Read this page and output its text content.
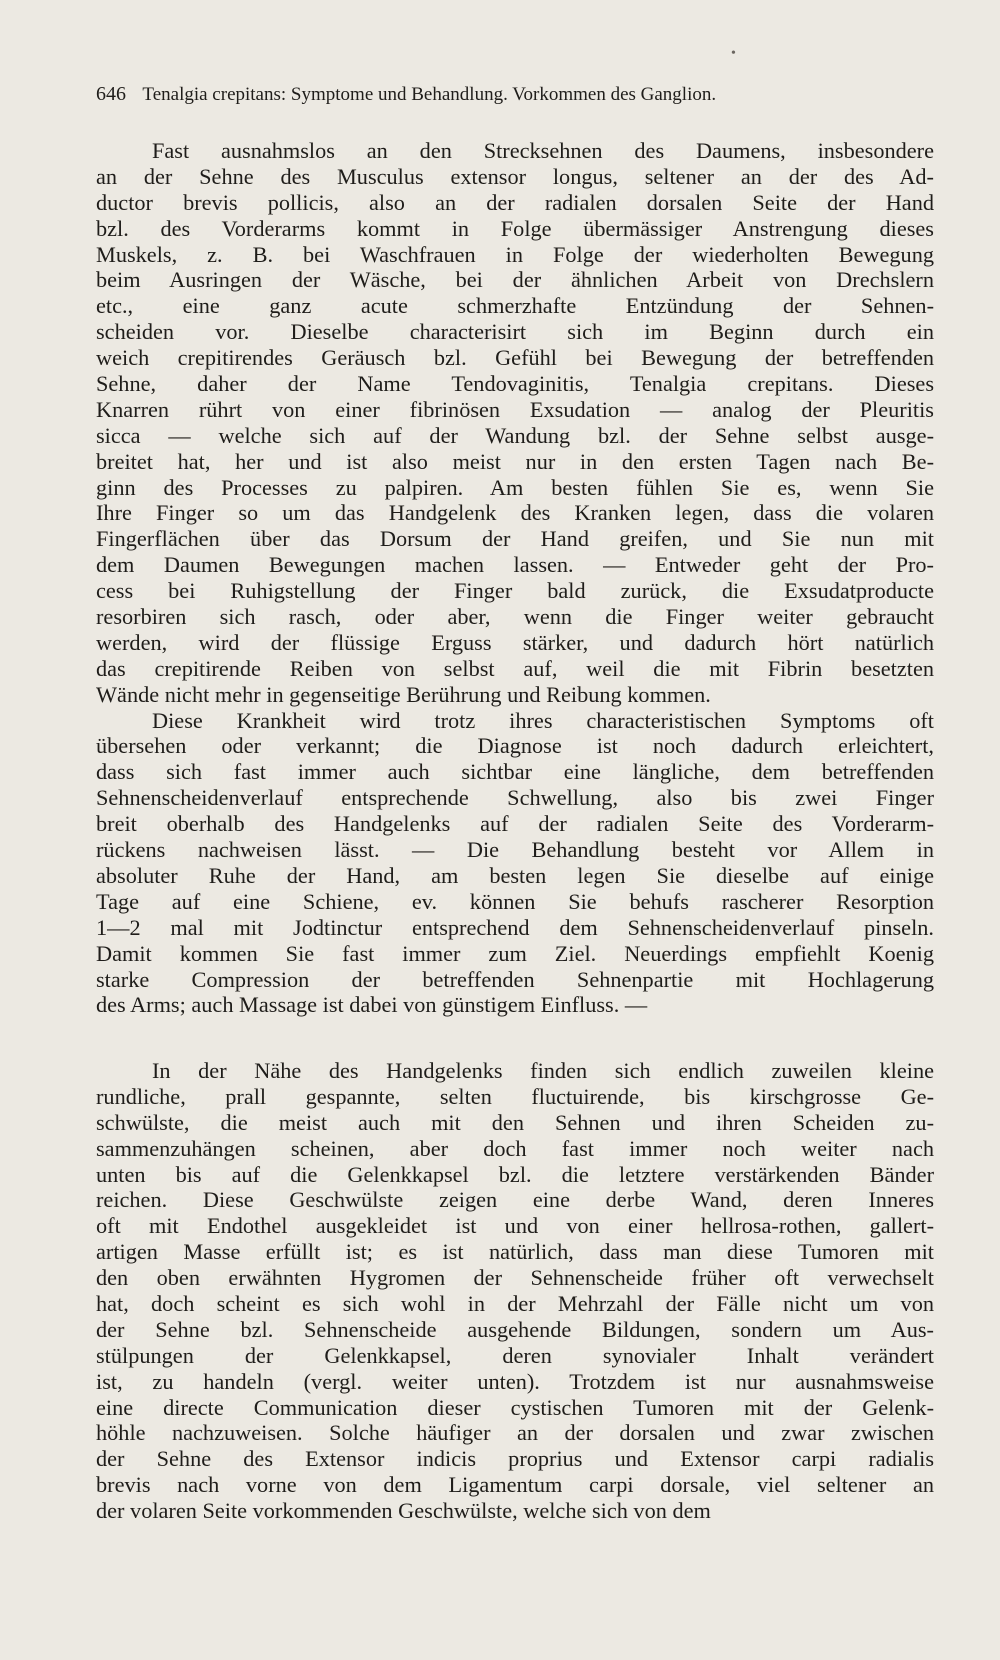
646 Tenalgia crepitans: Symptome und Behandlung. Vorkommen des Ganglion.
•
Fast ausnahmslos an den Strecksehnen des Daumens, insbesondere
an der Sehne des Musculus extensor longus, seltener an der des Ad-
ductor brevis pollicis, also an der radialen dorsalen Seite der Hand
bzl. des Vorderarms kommt in Folge übermässiger Anstrengung dieses
Muskels, z. B. bei Waschfrauen in Folge der wiederholten Bewegung
beim Ausringen der Wäsche, bei der ähnlichen Arbeit von Drechslern
etc., eine ganz acute schmerzhafte Entzündung der Sehnen-
scheiden vor. Dieselbe characterisirt sich im Beginn durch ein
weich crepitirendes Geräusch bzl. Gefühl bei Bewegung der betreffenden
Sehne, daher der Name Tendovaginitis, Tenalgia crepitans. Dieses
Knarren rührt von einer fibrinösen Exsudation — analog der Pleuritis
sicca — welche sich auf der Wandung bzl. der Sehne selbst ausge-
breitet hat, her und ist also meist nur in den ersten Tagen nach Be-
ginn des Processes zu palpiren. Am besten fühlen Sie es, wenn Sie
Ihre Finger so um das Handgelenk des Kranken legen, dass die volaren
Fingerflächen über das Dorsum der Hand greifen, und Sie nun mit
dem Daumen Bewegungen machen lassen. — Entweder geht der Pro-
cess bei Ruhigstellung der Finger bald zurück, die Exsudatproducte
resorbiren sich rasch, oder aber, wenn die Finger weiter gebraucht
werden, wird der flüssige Erguss stärker, und dadurch hört natürlich
das crepitirende Reiben von selbst auf, weil die mit Fibrin besetzten
Wände nicht mehr in gegenseitige Berührung und Reibung kommen.
Diese Krankheit wird trotz ihres characteristischen Symptoms oft
übersehen oder verkannt; die Diagnose ist noch dadurch erleichtert,
dass sich fast immer auch sichtbar eine längliche, dem betreffenden
Sehnenscheidenverlauf entsprechende Schwellung, also bis zwei Finger
breit oberhalb des Handgelenks auf der radialen Seite des Vorderarm-
rückens nachweisen lässt. — Die Behandlung besteht vor Allem in
absoluter Ruhe der Hand, am besten legen Sie dieselbe auf einige
Tage auf eine Schiene, ev. können Sie behufs rascherer Resorption
1—2 mal mit Jodtinctur entsprechend dem Sehnenscheidenverlauf pinseln.
Damit kommen Sie fast immer zum Ziel. Neuerdings empfiehlt Koenig
starke Compression der betreffenden Sehnenpartie mit Hochlagerung
des Arms; auch Massage ist dabei von günstigem Einfluss. —
In der Nähe des Handgelenks finden sich endlich zuweilen kleine
rundliche, prall gespannte, selten fluctuirende, bis kirschgrosse Ge-
schwülste, die meist auch mit den Sehnen und ihren Scheiden zu-
sammenzuhängen scheinen, aber doch fast immer noch weiter nach
unten bis auf die Gelenkkapsel bzl. die letztere verstärkenden Bänder
reichen. Diese Geschwülste zeigen eine derbe Wand, deren Inneres
oft mit Endothel ausgekleidet ist und von einer hellrosa-rothen, gallert-
artigen Masse erfüllt ist; es ist natürlich, dass man diese Tumoren mit
den oben erwähnten Hygromen der Sehnenscheide früher oft verwechselt
hat, doch scheint es sich wohl in der Mehrzahl der Fälle nicht um von
der Sehne bzl. Sehnenscheide ausgehende Bildungen, sondern um Aus-
stülpungen der Gelenkkapsel, deren synovialer Inhalt verändert
ist, zu handeln (vergl. weiter unten). Trotzdem ist nur ausnahmsweise
eine directe Communication dieser cystischen Tumoren mit der Gelenk-
höhle nachzuweisen. Solche häufiger an der dorsalen und zwar zwischen
der Sehne des Extensor indicis proprius und Extensor carpi radialis
brevis nach vorne von dem Ligamentum carpi dorsale, viel seltener an
der volaren Seite vorkommenden Geschwülste, welche sich von dem
